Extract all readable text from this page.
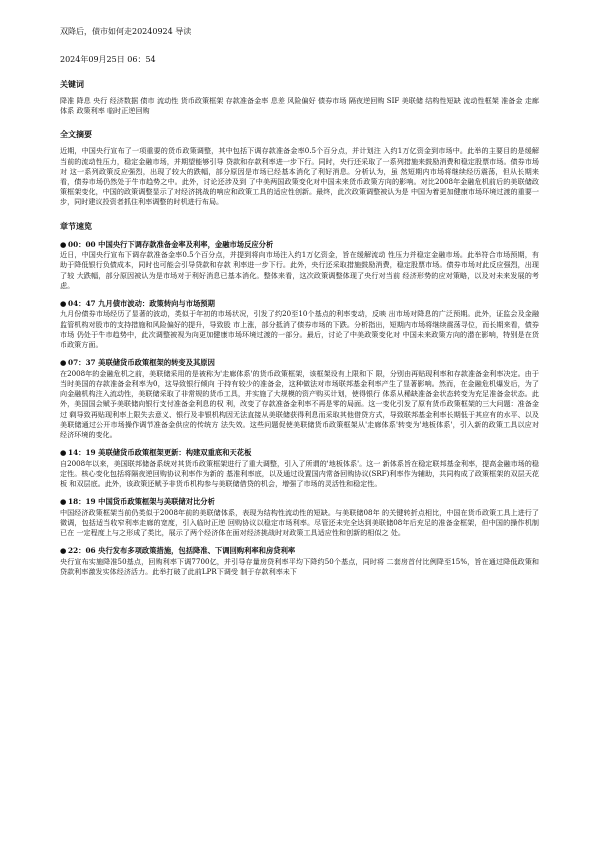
双降后，债市如何走20240924 导读
2024年09月25日 06：54
关键词

降准 降息 央行 经济数据 债市 流动性 货币政策框架 存款准备金率 息差 风险偏好 债券市场 隔夜逆回购 SIF 美联储 结构性短缺 流动性框架 准备金 走廊体系 政策利率 临时正逆回购

全文摘要

近期，中国央行宣布了一项重要的货币政策调整，其中包括下调存款准备金率0.5个百分点，并计划注 入约1万亿资金到市场中。此举的主要目的是缓解当前的流动性压力，稳定金融市场，并期望能够引导 贷款和存款利率进一步下行。同时，央行还采取了一系列措施来鼓励消费和稳定股票市场。债券市场对 这一系列政策反应强烈，出现了较大的跌幅，部分原因是市场已经基本消化了利好消息。分析认为，虽 然短期内市场将继续经历震荡，但从长期来看，债券市场仍然处于牛市趋势之中。此外，讨论还涉及到 了中美两国政策变化对中国未来货币政策方向的影响。对比2008年金融危机前后的美联储政策框架变化，中国的政策调整显示了对经济挑战的响应和政策工具的适应性创新。最终，此次政策调整被认为是 中国为着更加健康市场环境过渡的重要一步，同时建议投资者抓住利率调整的时机进行布局。

章节速览
● 00：00 中国央行下调存款准备金率及利率，金融市场反应分析

近日，中国央行宣布下调存款准备金率0.5个百分点，并提到将向市场注入约1万亿资金，旨在缓解流动 性压力并稳定金融市场。此举符合市场预期，有助于降低银行负债成本，同时也可能会引导贷款和存款 利率进一步下行。此外，央行还采取措施鼓励消费，稳定股票市场。债券市场对此反应强烈，出现了较 大跌幅，部分原因被认为是市场对于利好消息已基本消化。整体来看，这次政策调整体现了央行对当前 经济形势的应对策略，以及对未来发展的考虑。

● 04：47 九月债市波动：政策转向与市场预期

九月份债券市场经历了显著的波动，类似于年初的市场状况，引发了约20至10个基点的利率变动，反映 出市场对降息的广泛预期。此外，证监会及金融监管机构对股市的支持措施和风险偏好的提升，导致股 市上涨，部分抵消了债券市场的下跌。分析指出，短期内市场将继续震荡寻位，而长期来看，债券市场 仍处于牛市趋势中，此次调整被视为向更加健康市场环境过渡的一部分。最后，讨论了中美政策变化对 中国未来政策方向的潜在影响，特别是在货币政策方面。

● 07：37 美联储货币政策框架的转变及其原因

在2008年的金融危机之前，美联储采用的是被称为'走廊体系'的货币政策框架，该框架设有上限和下 限，分别由再贴现利率和存款准备金利率决定。由于当时美国的存款准备金利率为0，这导致银行倾向 于持有较少的准备金，这种做法对市场联邦基金利率产生了显著影响。然而，在金融危机爆发后，为了 向金融机构注入流动性，美联储采取了非常规的货币工具，并实施了大规模的资产购买计划，使得银行 体系从稀缺准备金状态转变为充足准备金状态。此外，美国国会赋予美联储向银行支付准备金利息的权 利，改变了存款准备金利率不再是零的局面。这一变化引发了原有货币政策框架的三大问题：准备金过 剩导致再贴现利率上限失去意义、银行及非银机构因无法直接从美联储获得利息而采取其他借贷方式，导致联邦基金利率长期低于其应有的水平、以及美联储通过公开市场操作调节准备金供应的传统方 法失效。这些问题促使美联储货币政策框架从'走廊体系'转变为'地板体系'，引入新的政策工具以应对 经济环境的变化。

● 14：19 美联储货币政策框架更新：构建双重底和天花板

自2008年以来，美国联邦储备系统对其货币政策框架进行了重大调整，引入了所谓的'地板体系'。这一 新体系旨在稳定联邦基金利率，提高金融市场的稳定性。核心变化包括将隔夜逆回购协议利率作为新的 基准利率底，以及通过设置国内常备回购协议(SRF)利率作为辅助，共同构成了政策框架的双层天花板 和双层底。此外，该政策还赋予非货币机构参与美联储借贷的机会，增强了市场的灵活性和稳定性。

● 18：19 中国货币政策框架与美联储对比分析

中国经济政策框架当前仍类似于2008年前的美联储体系，表现为结构性流动性的短缺。与美联储08年 的关键转折点相比，中国在货币政策工具上进行了微调，包括适当收窄利率走廊的宽度，引入临时正逆 回购协议以稳定市场利率。尽管还未完全达到美联储08年后充足的准备金框架，但中国的操作机制已在 一定程度上与之形成了类比，展示了两个经济体在面对经济挑战时对政策工具适应性和创新的相似之 处。

● 22：06 央行发布多项政策措施，包括降准、下调回购利率和房贷利率

央行宣布实施降准50基点，回购利率下调7700亿，并引导存量房贷利率平均下降约50个基点，同时将 二套房首付比例降至15%，旨在通过降低政策和贷款利率激发实体经济活力。此举打破了此前LPR下调受 制于存款利率未下
